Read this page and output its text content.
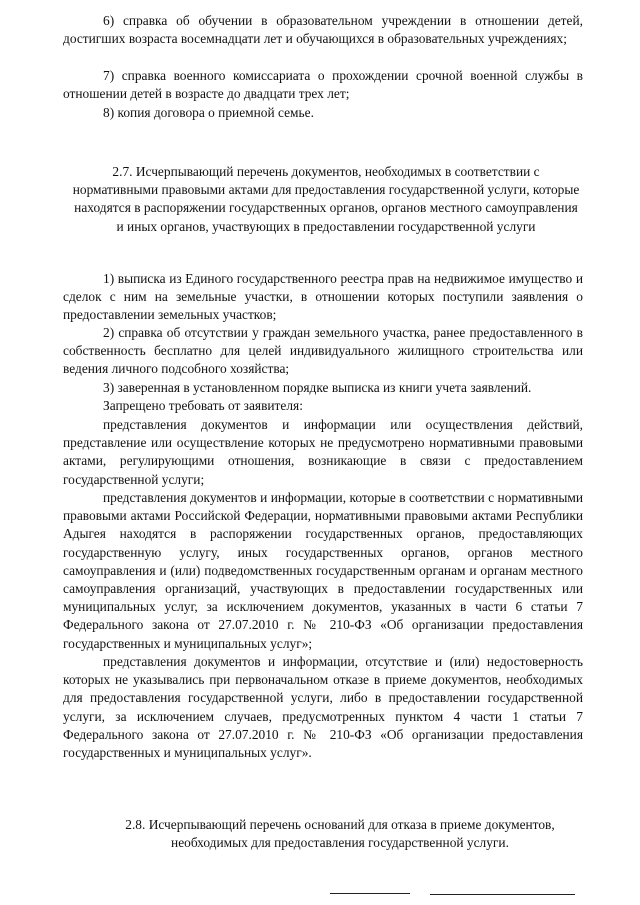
6) справка об обучении в образовательном учреждении в отношении детей, достигших возраста восемнадцати лет и обучающихся в образовательных учреждениях;

7) справка военного комиссариата о прохождении срочной военной службы в отношении детей в возрасте до двадцати трех лет;

8) копия договора о приемной семье.

2.7. Исчерпывающий перечень документов, необходимых в соответствии с нормативными правовыми актами для предоставления государственной услуги, которые находятся в распоряжении государственных органов, органов местного самоуправления и иных органов, участвующих в предоставлении государственной услуги

1) выписка из Единого государственного реестра прав на недвижимое имущество и сделок с ним на земельные участки, в отношении которых поступили заявления о предоставлении земельных участков;

2) справка об отсутствии у граждан земельного участка, ранее предоставленного в собственность бесплатно для целей индивидуального жилищного строительства или ведения личного подсобного хозяйства;

3) заверенная в установленном порядке выписка из книги учета заявлений.

Запрещено требовать от заявителя:

представления документов и информации или осуществления действий, представление или осуществление которых не предусмотрено нормативными правовыми актами, регулирующими отношения, возникающие в связи с предоставлением государственной услуги;

представления документов и информации, которые в соответствии с нормативными правовыми актами Российской Федерации, нормативными правовыми актами Республики Адыгея находятся в распоряжении государственных органов, предоставляющих государственную услугу, иных государственных органов, органов местного самоуправления и (или) подведомственных государственным органам и органам местного самоуправления организаций, участвующих в предоставлении государственных или муниципальных услуг, за исключением документов, указанных в части 6 статьи 7 Федерального закона от 27.07.2010 г. № 210-ФЗ «Об организации предоставления государственных и муниципальных услуг»;

представления документов и информации, отсутствие и (или) недостоверность которых не указывались при первоначальном отказе в приеме документов, необходимых для предоставления государственной услуги, либо в предоставлении государственной услуги, за исключением случаев, предусмотренных пунктом 4 части 1 статьи 7 Федерального закона от 27.07.2010 г. № 210-ФЗ «Об организации предоставления государственных и муниципальных услуг».

2.8. Исчерпывающий перечень оснований для отказа в приеме документов, необходимых для предоставления государственной услуги.
